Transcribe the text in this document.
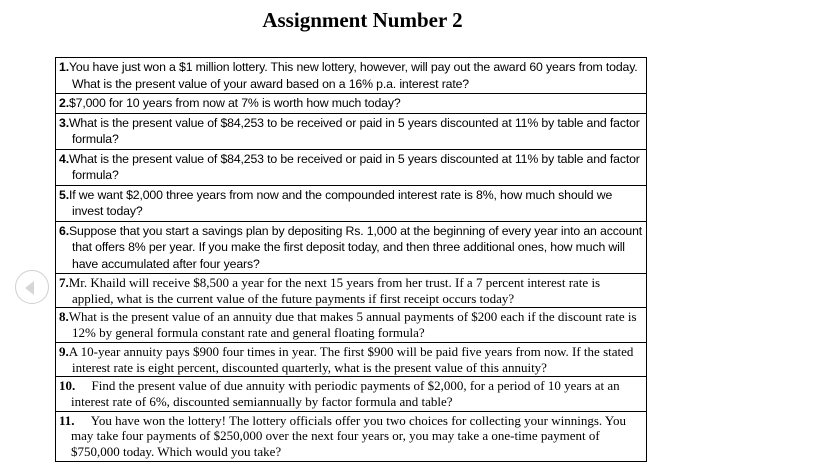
Assignment Number 2
1.You have just won a $1 million lottery. This new lottery, however, will pay out the award 60 years from today. What is the present value of your award based on a 16% p.a. interest rate?

2.$7,000 for 10 years from now at 7% is worth how much today?

3.What is the present value of $84,253 to be received or paid in 5 years discounted at 11% by table and factor formula?

4.What is the present value of $84,253 to be received or paid in 5 years discounted at 11% by table and factor formula?

5.If we want $2,000 three years from now and the compounded interest rate is 8%, how much should we invest today?

6.Suppose that you start a savings plan by depositing Rs. 1,000 at the beginning of every year into an account that offers 8% per year. If you make the first deposit today, and then three additional ones, how much will have accumulated after four years?

7.Mr. Khaild will receive $8,500 a year for the next 15 years from her trust. If a 7 percent interest rate is applied, what is the current value of the future payments if first receipt occurs today?

8.What is the present value of an annuity due that makes 5 annual payments of $200 each if the discount rate is 12% by general formula constant rate and general floating formula?

9.A 10-year annuity pays $900 four times in year. The first $900 will be paid five years from now. If the stated interest rate is eight percent, discounted quarterly, what is the present value of this annuity?

10. Find the present value of due annuity with periodic payments of $2,000, for a period of 10 years at an interest rate of 6%, discounted semiannually by factor formula and table?

11. You have won the lottery! The lottery officials offer you two choices for collecting your winnings. You may take four payments of $250,000 over the next four years or, you may take a one-time payment of $750,000 today. Which would you take?
